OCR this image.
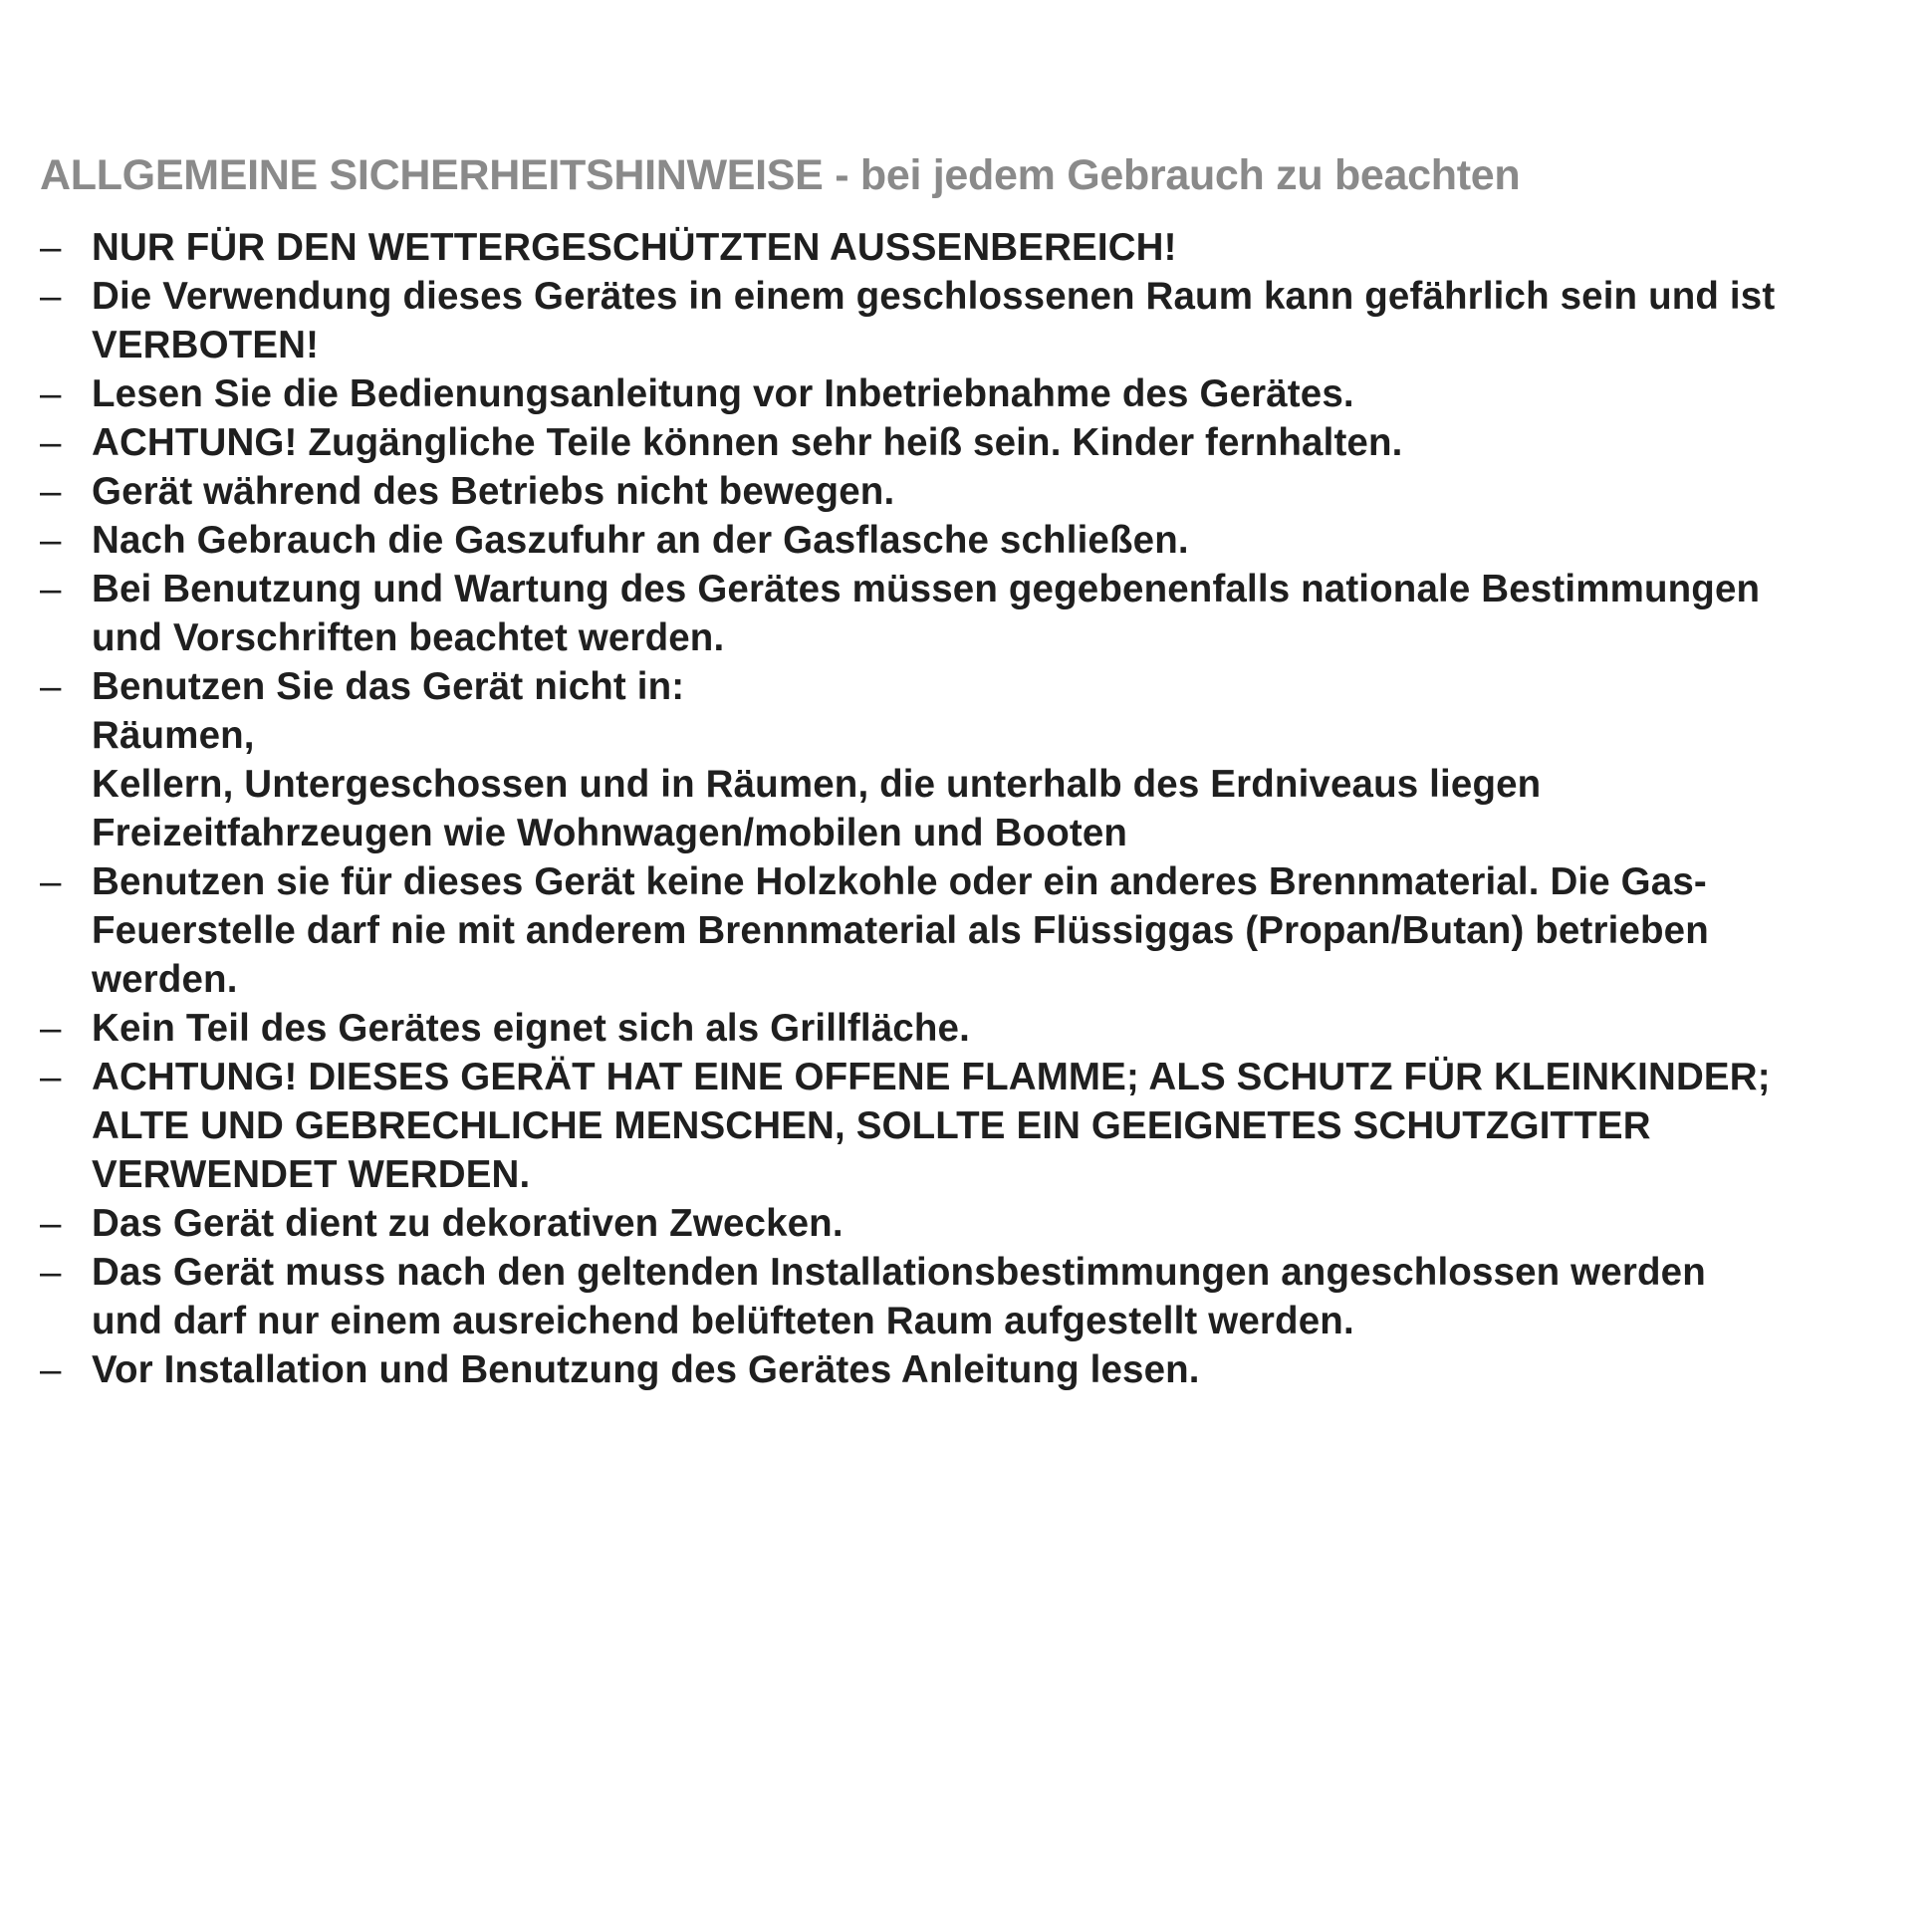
ALLGEMEINE SICHERHEITSHINWEISE - bei jedem Gebrauch zu beachten
– NUR FÜR DEN WETTERGESCHÜTZTEN AUSSENBEREICH!
– Die Verwendung dieses Gerätes in einem geschlossenen Raum kann gefährlich sein und ist
VERBOTEN!
– Lesen Sie die Bedienungsanleitung vor Inbetriebnahme des Gerätes.
– ACHTUNG! Zugängliche Teile können sehr heiß sein. Kinder fernhalten.
– Gerät während des Betriebs nicht bewegen.
– Nach Gebrauch die Gaszufuhr an der Gasflasche schließen.
– Bei Benutzung und Wartung des Gerätes müssen gegebenenfalls nationale Bestimmungen
und Vorschriften beachtet werden.
– Benutzen Sie das Gerät nicht in:
Räumen,
Kellern, Untergeschossen und in Räumen, die unterhalb des Erdniveaus liegen
Freizeitfahrzeugen wie Wohnwagen/mobilen und Booten
– Benutzen sie für dieses Gerät keine Holzkohle oder ein anderes Brennmaterial. Die Gas-
Feuerstelle darf nie mit anderem Brennmaterial als Flüssiggas (Propan/Butan) betrieben
werden.
– Kein Teil des Gerätes eignet sich als Grillfläche.
– ACHTUNG! DIESES GERÄT HAT EINE OFFENE FLAMME; ALS SCHUTZ FÜR KLEINKINDER;
ALTE UND GEBRECHLICHE MENSCHEN, SOLLTE EIN GEEIGNETES SCHUTZGITTER
VERWENDET WERDEN.
– Das Gerät dient zu dekorativen Zwecken.
– Das Gerät muss nach den geltenden Installationsbestimmungen angeschlossen werden
und darf nur einem ausreichend belüfteten Raum aufgestellt werden.
– Vor Installation und Benutzung des Gerätes Anleitung lesen.
